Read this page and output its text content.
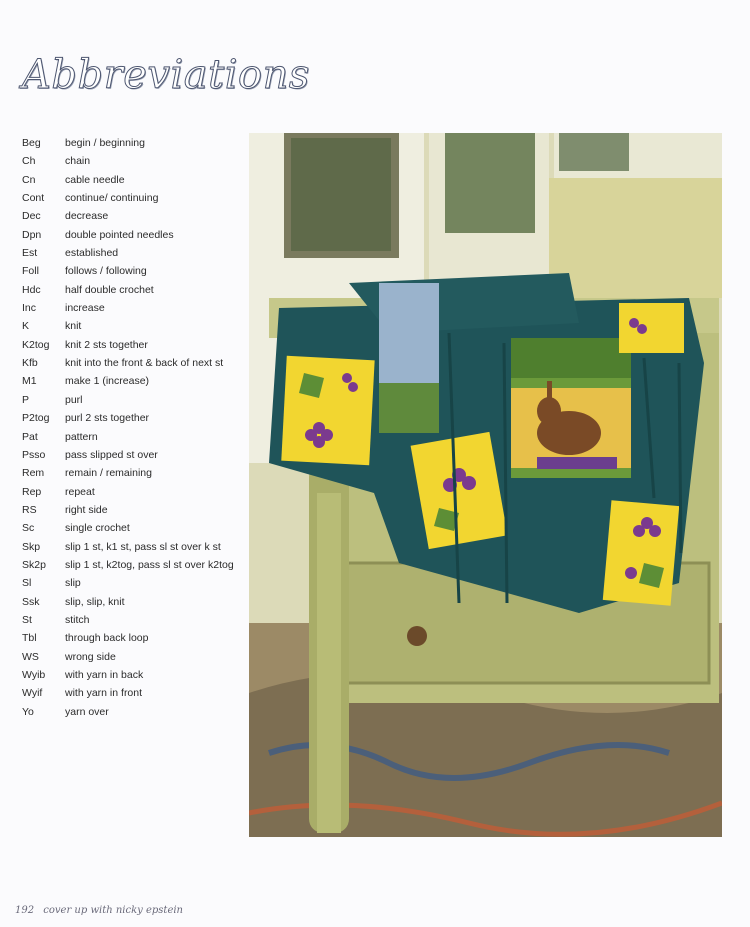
Abbreviations
Beg	begin / beginning
Ch	chain
Cn	cable needle
Cont	continue/ continuing
Dec	decrease
Dpn	double pointed needles
Est	established
Foll	follows / following
Hdc	half double crochet
Inc	increase
K	knit
K2tog	knit 2 sts together
Kfb	knit into the front & back of next st
M1	make 1 (increase)
P	purl
P2tog	purl 2 sts together
Pat	pattern
Psso	pass slipped st over
Rem	remain / remaining
Rep	repeat
RS	right side
Sc	single crochet
Skp	slip 1 st, k1 st, pass sl st over k st
Sk2p	slip 1 st, k2tog, pass sl st over k2tog
Sl	slip
Ssk	slip, slip, knit
St	stitch
Tbl	through back loop
WS	wrong side
Wyib	with yarn in back
Wyif	with yarn in front
Yo	yarn over
192 cover up with nicky epstein
